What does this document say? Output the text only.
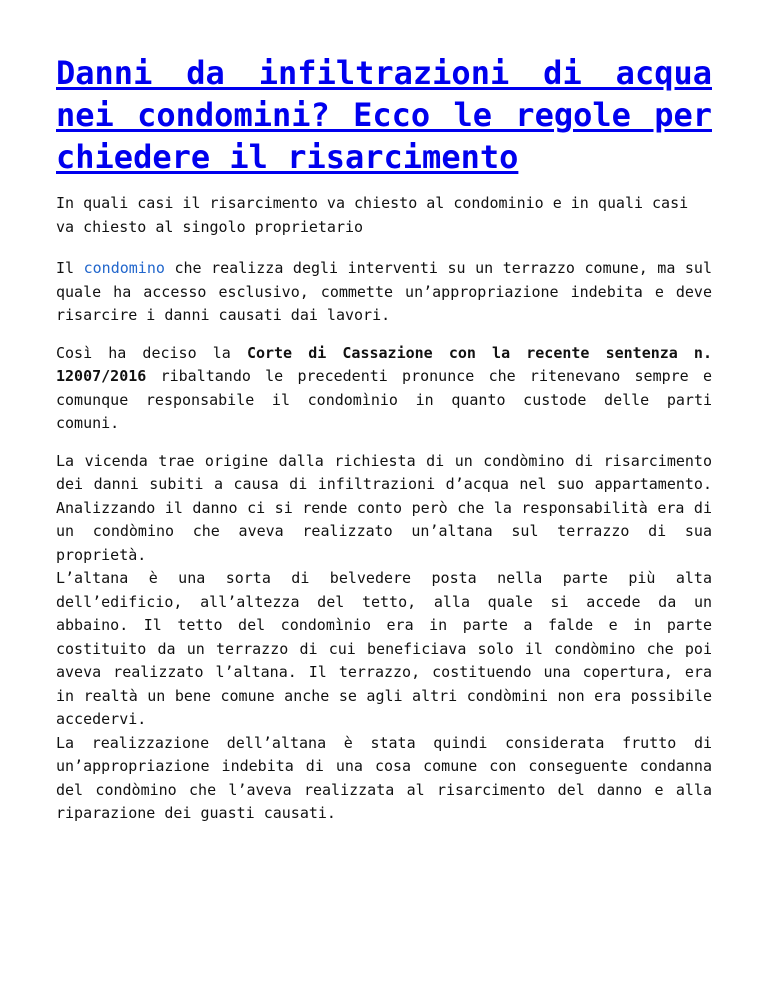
Danni da infiltrazioni di acqua nei condomini? Ecco le regole per chiedere il risarcimento

In quali casi il risarcimento va chiesto al condominio e in quali casi va chiesto al singolo proprietario

Il condomino che realizza degli interventi su un terrazzo comune, ma sul quale ha accesso esclusivo, commette un’appropriazione indebita e deve risarcire i danni causati dai lavori.

Così ha deciso la Corte di Cassazione con la recente sentenza n. 12007/2016 ribaltando le precedenti pronunce che ritenevano sempre e comunque responsabile il condomìnio in quanto custode delle parti comuni.

La vicenda trae origine dalla richiesta di un condòmino di risarcimento dei danni subiti a causa di infiltrazioni d’acqua nel suo appartamento. Analizzando il danno ci si rende conto però che la responsabilità era di un condòmino che aveva realizzato un’altana sul terrazzo di sua proprietà.
L’altana è una sorta di belvedere posta nella parte più alta dell’edificio, all’altezza del tetto, alla quale si accede da un abbaino. Il tetto del condomìnio era in parte a falde e in parte costituito da un terrazzo di cui beneficiava solo il condòmino che poi aveva realizzato l’altana. Il terrazzo, costituendo una copertura, era in realtà un bene comune anche se agli altri condòmini non era possibile accedervi.
La realizzazione dell’altana è stata quindi considerata frutto di un’appropriazione indebita di una cosa comune con conseguente condanna del condòmino che l’aveva realizzata al risarcimento del danno e alla riparazione dei guasti causati.
